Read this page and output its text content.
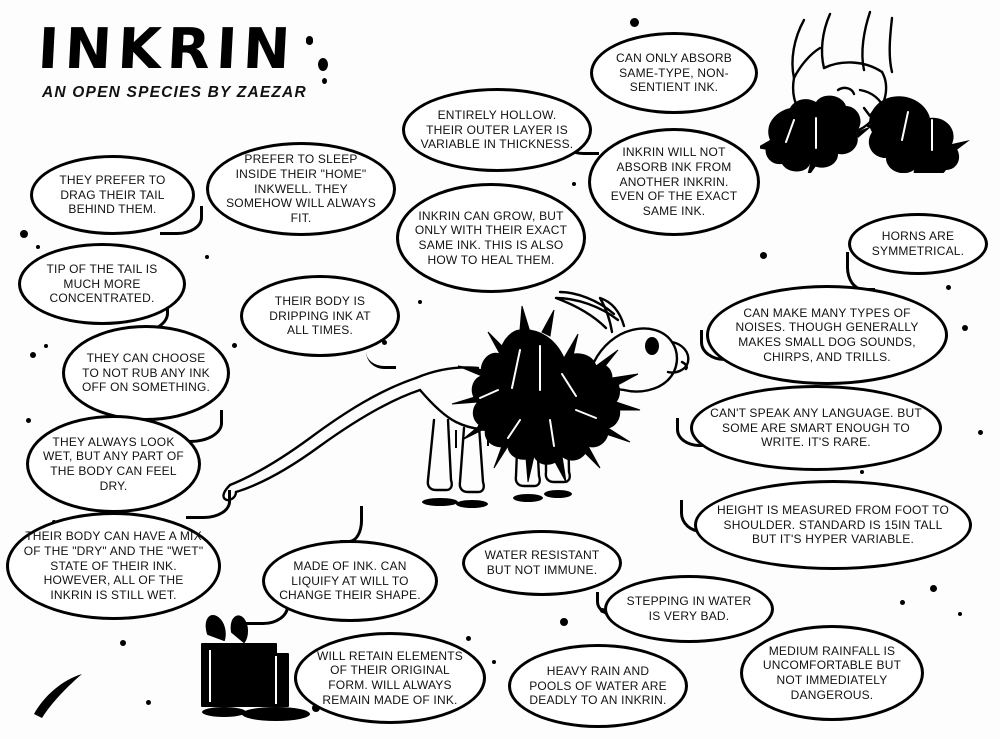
INKRIN
AN OPEN SPECIES BY ZAEZAR
THEY PREFER TO DRAG THEIR TAIL BEHIND THEM.
TIP OF THE TAIL IS MUCH MORE CONCENTRATED.
THEY CAN CHOOSE TO NOT RUB ANY INK OFF ON SOMETHING.
THEY ALWAYS LOOK WET, BUT ANY PART OF THE BODY CAN FEEL DRY.
THEIR BODY CAN HAVE A MIX OF THE "DRY" AND THE "WET" STATE OF THEIR INK. HOWEVER, ALL OF THE INKRIN IS STILL WET.
PREFER TO SLEEP INSIDE THEIR "HOME" INKWELL. THEY SOMEHOW WILL ALWAYS FIT.
THEIR BODY IS DRIPPING INK AT ALL TIMES.
ENTIRELY HOLLOW. THEIR OUTER LAYER IS VARIABLE IN THICKNESS.
INKRIN CAN GROW, BUT ONLY WITH THEIR EXACT SAME INK. THIS IS ALSO HOW TO HEAL THEM.
CAN ONLY ABSORB SAME-TYPE, NON-SENTIENT INK.
INKRIN WILL NOT ABSORB INK FROM ANOTHER INKRIN. EVEN OF THE EXACT SAME INK.
HORNS ARE SYMMETRICAL.
CAN MAKE MANY TYPES OF NOISES. THOUGH GENERALLY MAKES SMALL DOG SOUNDS, CHIRPS, AND TRILLS.
CAN'T SPEAK ANY LANGUAGE. BUT SOME ARE SMART ENOUGH TO WRITE. IT'S RARE.
HEIGHT IS MEASURED FROM FOOT TO SHOULDER. STANDARD IS 15IN TALL BUT IT'S HYPER VARIABLE.
MADE OF INK. CAN LIQUIFY AT WILL TO CHANGE THEIR SHAPE.
WILL RETAIN ELEMENTS OF THEIR ORIGINAL FORM. WILL ALWAYS REMAIN MADE OF INK.
WATER RESISTANT BUT NOT IMMUNE.
HEAVY RAIN AND POOLS OF WATER ARE DEADLY TO AN INKRIN.
STEPPING IN WATER IS VERY BAD.
MEDIUM RAINFALL IS UNCOMFORTABLE BUT NOT IMMEDIATELY DANGEROUS.
